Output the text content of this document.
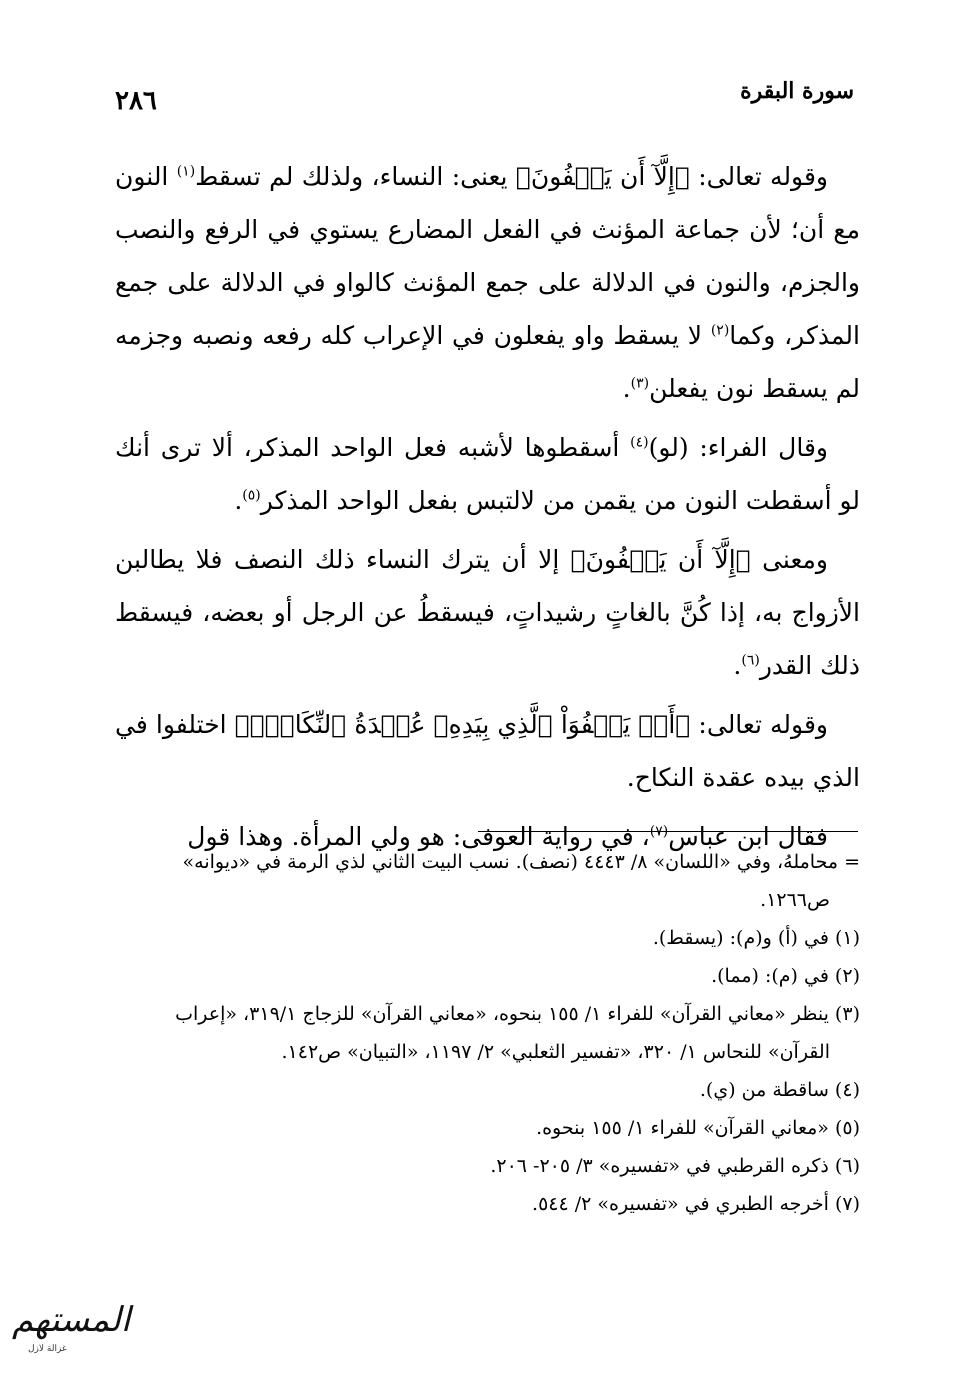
٢٨٦	سورة البقرة

وقوله تعالى: ﴿إِلَّآ أَن يَعۡفُونَ﴾ يعنى: النساء، ولذلك لم تسقط$^{(١)}$ النون مع أن؛ لأن جماعة المؤنث في الفعل المضارع يستوي في الرفع والنصب والجزم، والنون في الدلالة على جمع المؤنث كالواو في الدلالة على جمع المذكر، وكما$^{(٢)}$ لا يسقط واو يفعلون في الإعراب كله رفعه ونصبه وجزمه لم يسقط نون يفعلن$^{(٣)}$.

وقال الفراء: (لو)$^{(٤)}$ أسقطوها لأشبه فعل الواحد المذكر، ألا ترى أنك لو أسقطت النون من يقمن من لالتبس بفعل الواحد المذكر$^{(٥)}$.

ومعنى ﴿إِلَّآ أَن يَعۡفُونَ﴾ إلا أن يترك النساء ذلك النصف فلا يطالبن الأزواج به، إذا كُنَّ بالغاتٍ رشيداتٍ، فيسقطُ عن الرجل أو بعضه، فيسقط ذلك القدر$^{(٦)}$.

وقوله تعالى: ﴿أَوۡ يَعۡفُوَاْ ٱلَّذِي بِيَدِهِۦ عُقۡدَةُ ٱلنِّكَاحِۚ﴾ اختلفوا في الذي بيده عقدة النكاح.

فقال ابن عباس$^{(٧)}$، في رواية العوفى: هو ولي المرأة. وهذا قول

= محاملهُ، وفي «اللسان» ٨/ ٤٤٤٣ (نصف). نسب البيت الثاني لذي الرمة في «ديوانه» ص١٢٦٦.

(١) في (أ) و(م): (يسقط).

(٢) في (م): (مما).

(٣) ينظر «معاني القرآن» للفراء ١/ ١٥٥ بنحوه، «معاني القرآن» للزجاج ٣١٩/١، «إعراب القرآن» للنحاس ١/ ٣٢٠، «تفسير الثعلبي» ٢/ ١١٩٧، «التبيان» ص١٤٢.

(٤) ساقطة من (ي).

(٥) «معاني القرآن» للفراء ١/ ١٥٥ بنحوه.

(٦) ذكره القرطبي في «تفسيره» ٣/ ٢٠٥- ٢٠٦.

(٧) أخرجه الطبري في «تفسيره» ٢/ ٥٤٤.

المستهم
غزالة لازل
